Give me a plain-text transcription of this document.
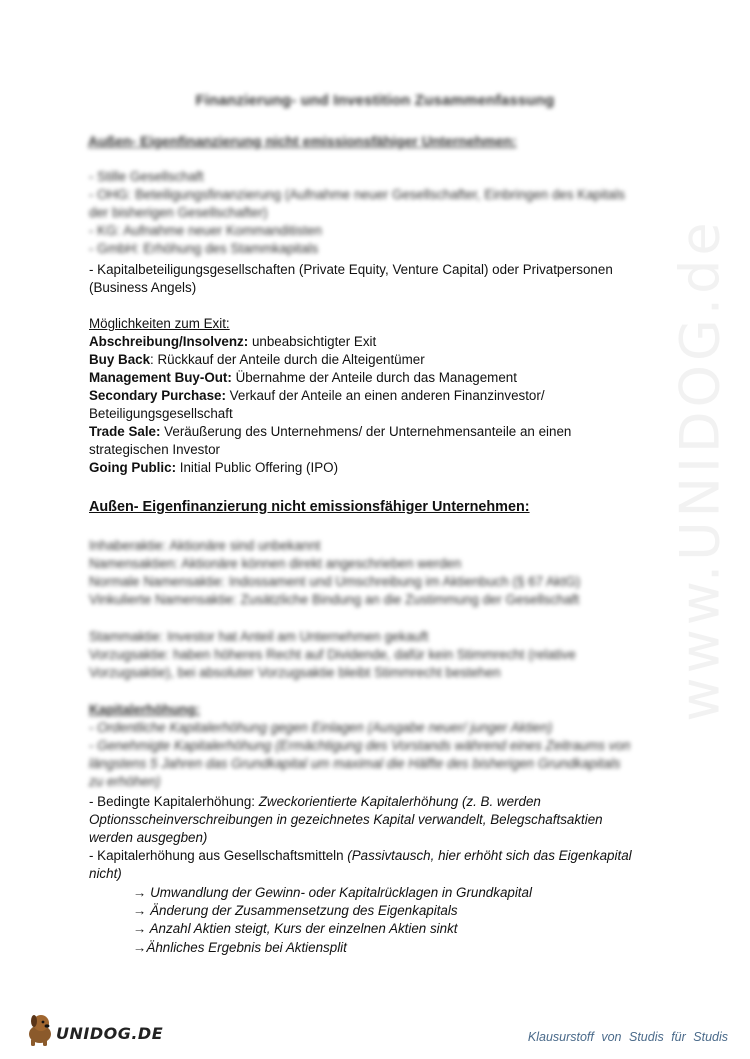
www.UNIDOG.de
Finanzierung- und Investition Zusammenfassung
Außen- Eigenfinanzierung nicht emissionsfähiger Unternehmen:
- Stille Gesellschaft
- OHG: Beteiligungsfinanzierung (Aufnahme neuer Gesellschafter, Einbringen des Kapitals
der bisherigen Gesellschafter)
- KG: Aufnahme neuer Kommanditisten
- GmbH: Erhöhung des Stammkapitals
- Kapitalbeteiligungsgesellschaften (Private Equity, Venture Capital) oder Privatpersonen
(Business Angels)
Möglichkeiten zum Exit:
Abschreibung/Insolvenz: unbeabsichtigter Exit
Buy Back: Rückkauf der Anteile durch die Alteigentümer
Management Buy-Out: Übernahme der Anteile durch das Management
Secondary Purchase: Verkauf der Anteile an einen anderen Finanzinvestor/
Beteiligungsgesellschaft
Trade Sale: Veräußerung des Unternehmens/ der Unternehmensanteile an einen
strategischen Investor
Going Public: Initial Public Offering (IPO)
Außen- Eigenfinanzierung nicht emissionsfähiger Unternehmen:
Inhaberaktie: Aktionäre sind unbekannt
Namensaktien: Aktionäre können direkt angeschrieben werden
Normale Namensaktie: Indossament und Umschreibung im Aktienbuch (§ 67 AktG)
Vinkulierte Namensaktie: Zusätzliche Bindung an die Zustimmung der Gesellschaft
Stammaktie: Investor hat Anteil am Unternehmen gekauft
Vorzugsaktie: haben höheres Recht auf Dividende, dafür kein Stimmrecht (relative
Vorzugsaktie), bei absoluter Vorzugsaktie bleibt Stimmrecht bestehen
Kapitalerhöhung:
- Ordentliche Kapitalerhöhung gegen Einlagen (Ausgabe neuer/ junger Aktien)
- Genehmigte Kapitalerhöhung (Ermächtigung des Vorstands während eines Zeitraums von
längstens 5 Jahren das Grundkapital um maximal die Hälfte des bisherigen Grundkapitals
zu erhöhen)
- Bedingte Kapitalerhöhung: Zweckorientierte Kapitalerhöhung (z. B. werden
Optionsscheinverschreibungen in gezeichnetes Kapital verwandelt, Belegschaftsaktien
werden ausgegben)
- Kapitalerhöhung aus Gesellschaftsmitteln (Passivtausch, hier erhöht sich das Eigenkapital
nicht)
→ Umwandlung der Gewinn- oder Kapitalrücklagen in Grundkapital
→ Änderung der Zusammensetzung des Eigenkapitals
→ Anzahl Aktien steigt, Kurs der einzelnen Aktien sinkt
→Ähnliches Ergebnis bei Aktiensplit
UNIDOG.DE	Klausurstoff von Studis für Studis
